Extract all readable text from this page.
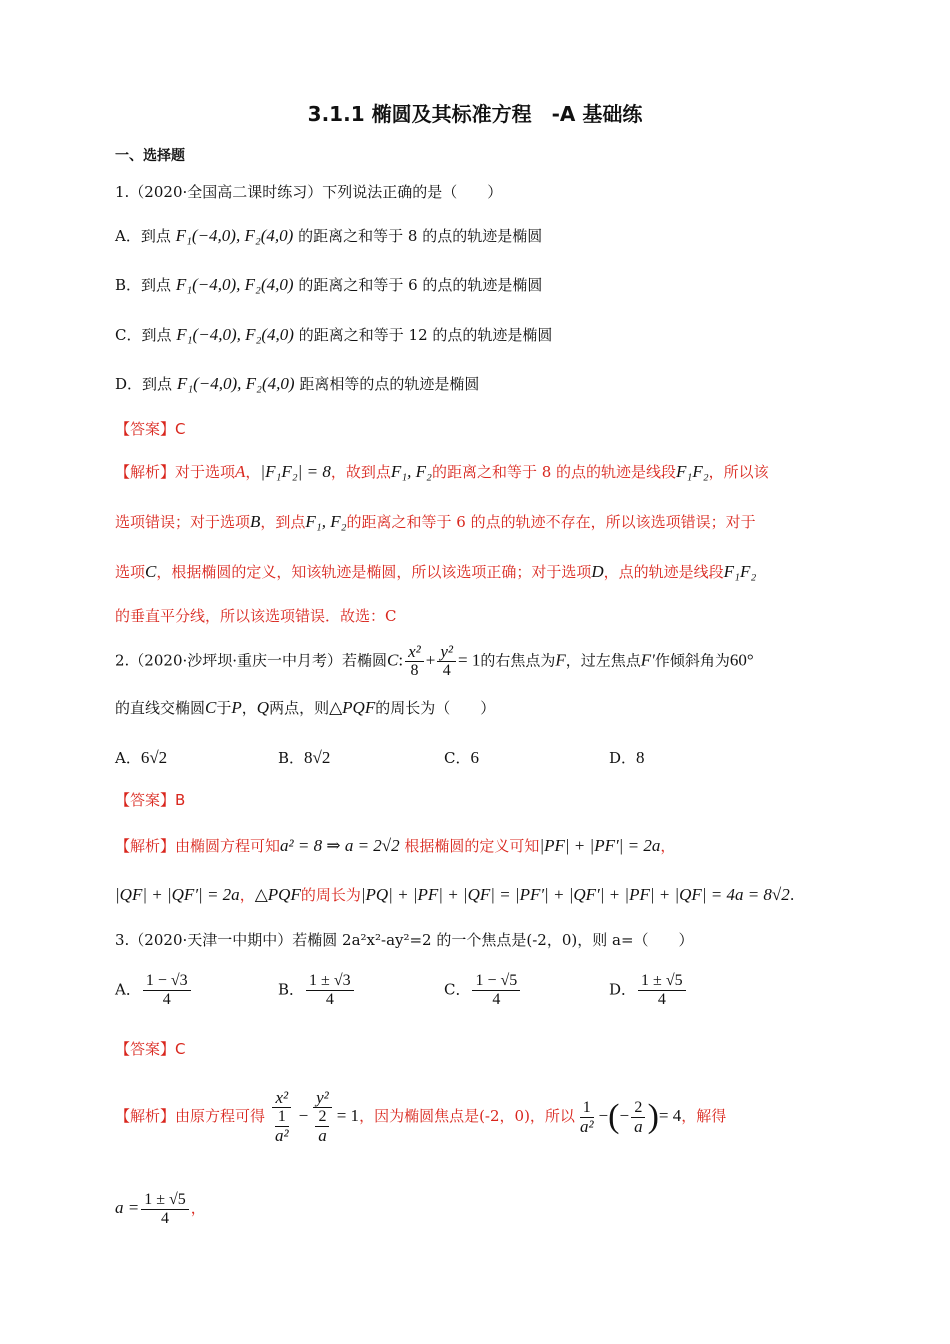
3.1.1 椭圆及其标准方程　-A 基础练
一、选择题
1.（2020·全国高二课时练习）下列说法正确的是（　　）
A．到点 F₁(−4,0), F₂(4,0) 的距离之和等于 8 的点的轨迹是椭圆
B．到点 F₁(−4,0), F₂(4,0) 的距离之和等于 6 的点的轨迹是椭圆
C．到点 F₁(−4,0), F₂(4,0) 的距离之和等于 12 的点的轨迹是椭圆
D．到点 F₁(−4,0), F₂(4,0) 距离相等的点的轨迹是椭圆
【答案】C
【解析】对于选项A，|F₁F₂| = 8，故到点F₁, F₂的距离之和等于 8 的点的轨迹是线段F₁F₂，所以该
选项错误；对于选项B，到点F₁, F₂的距离之和等于 6 的点的轨迹不存在，所以该选项错误；对于
选项C，根据椭圆的定义，知该轨迹是椭圆，所以该选项正确；对于选项D，点的轨迹是线段F₁F₂
的垂直平分线，所以该选项错误．故选：C
2.（2020·沙坪坝·重庆一中月考）若椭圆C: $\frac{\text{x²}}{8} + \frac{\text{y²}}{4} = 1$的右焦点为F，过左焦点F′作倾斜角为60°
的直线交椭圆C于P，Q两点，则△PQF的周长为（　　）
A．6√2	B．8√2	C．6	D．8
【答案】B
【解析】由椭圆方程可知a² = 8 ⇒ a = 2√2 根据椭圆的定义可知|PF| + |PF′| = 2a，
|QF| + |QF′| = 2a，△PQF的周长为|PQ| + |PF| + |QF| = |PF′| + |QF′| + |PF| + |QF| = 4a = 8√2.
3.（2020·天津一中期中）若椭圆 2a²x²-ay²=2 的一个焦点是(-2，0)，则 a=（　　）
A． $\frac{1 - √3}{4}$	B． $\frac{1 \pm √3}{4}$	C． $\frac{1 - √5}{4}$	D． $\frac{1 \pm √5}{4}$
【答案】C
【解析】由原方程可得 $\frac{\text{x²}}{\frac{1}{\text{a²}}} - \frac{\text{y²}}{\frac{2}{a}} = 1$，因为椭圆焦点是(-2，0)，所以 $\frac{1}{\text{a²}}$ −(− $\frac{2}{a}$ )= 4，解得
$a = \frac{1 \pm √5}{4}$ ，
